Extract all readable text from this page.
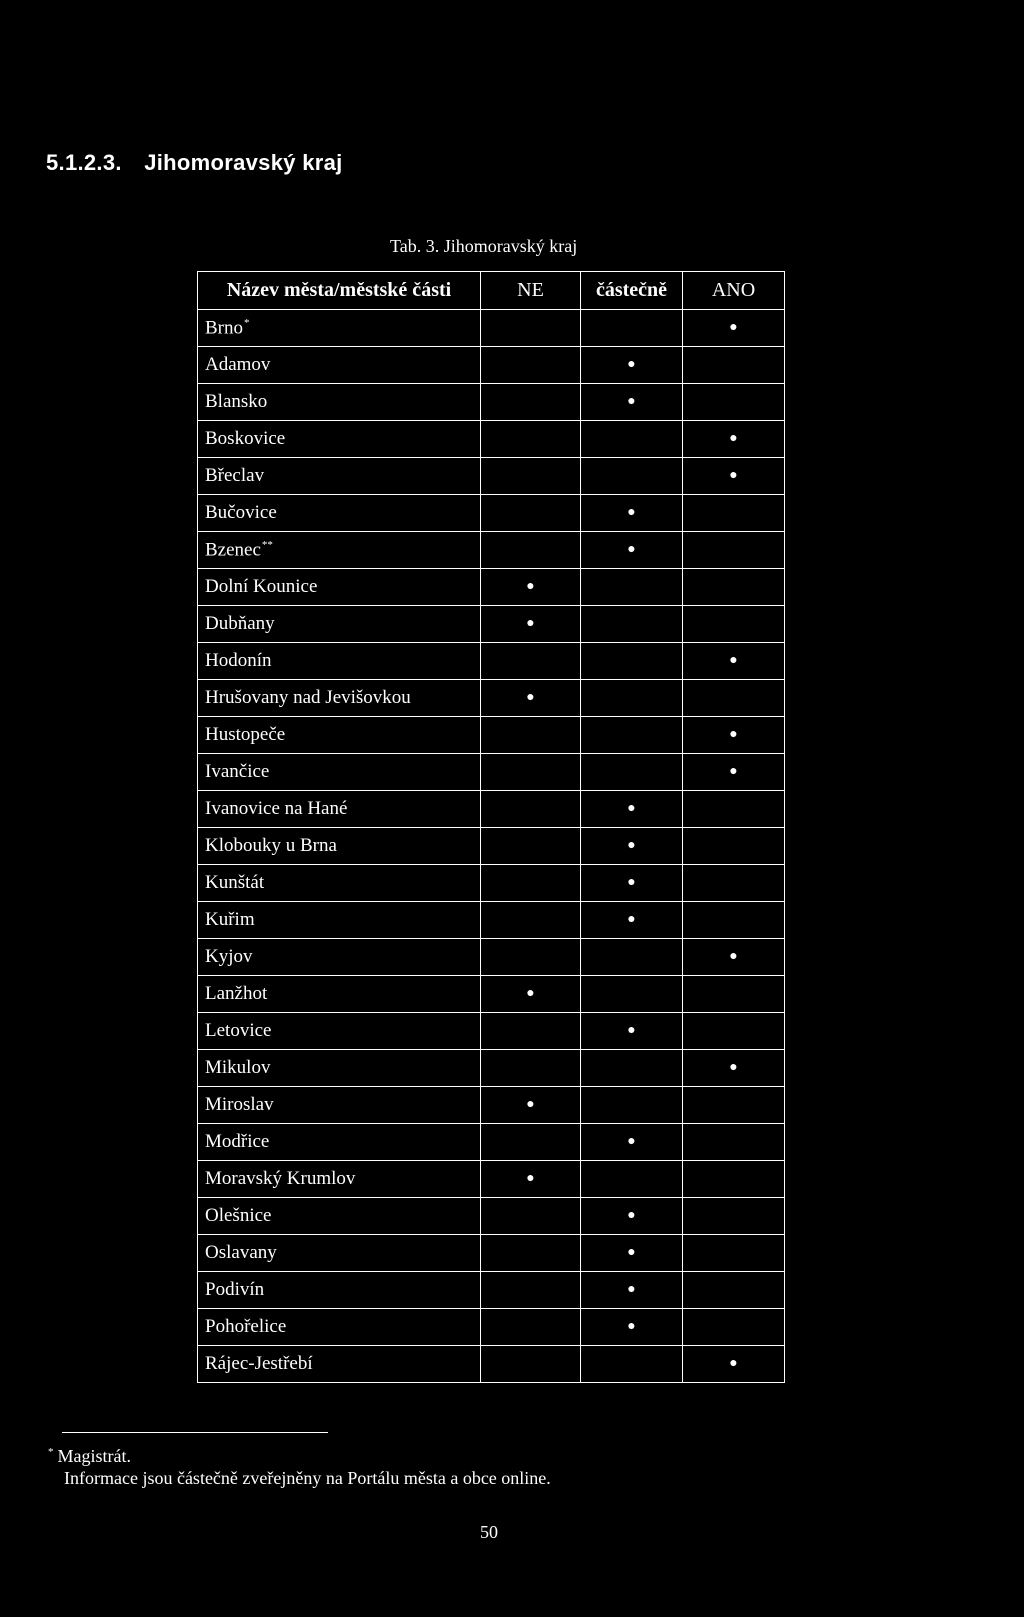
5.1.2.3. Jihomoravský kraj
Tab. 3. Jihomoravský kraj
Název města/městské části	NE	částečně	ANO
Brno*			●
Adamov		●	
Blansko		●	
Boskovice			●
Břeclav			●
Bučovice		●	
Bzenec**		●	
Dolní Kounice	●		
Dubňany	●		
Hodonín			●
Hrušovany nad Jevišovkou	●		
Hustopeče			●
Ivančice			●
Ivanovice na Hané		●	
Klobouky u Brna		●	
Kunštát		●	
Kuřim		●	
Kyjov			●
Lanžhot	●		
Letovice		●	
Mikulov			●
Miroslav	●		
Modřice		●	
Moravský Krumlov	●		
Olešnice		●	
Oslavany		●	
Podivín		●	
Pohořelice		●	
Rájec-Jestřebí			●
* Magistrát.
Informace jsou částečně zveřejněny na Portálu města a obce online.
50
